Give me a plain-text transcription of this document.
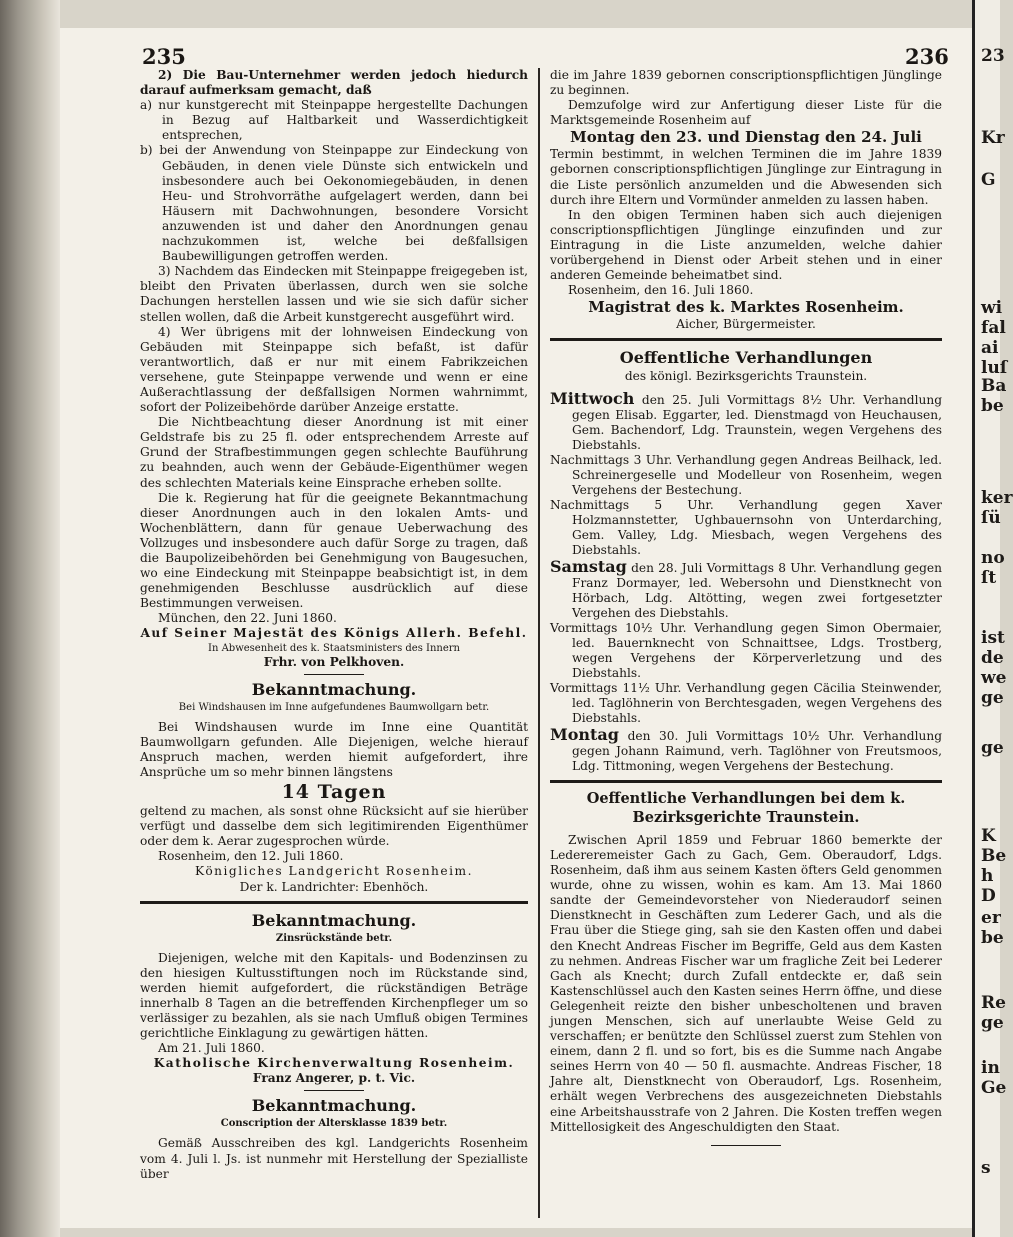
23
Kr
G
wi
fal
ai
luſ
Ba
be
ker
ſü
no
ſt
ist
de
we
ge
ge
K
Be
h
D
er
be
Re
ge
in
Ge
s
235	236

2) Die Bau-Unternehmer werden jedoch hiedurch darauf aufmerksam gemacht, daß

a) nur kunstgerecht mit Steinpappe hergestellte Dachungen in Bezug auf Haltbarkeit und Wasserdichtigkeit entsprechen,

b) bei der Anwendung von Steinpappe zur Eindeckung von Gebäuden, in denen viele Dünste sich entwickeln und insbesondere auch bei Oekonomiegebäuden, in denen Heu- und Strohvorräthe aufgelagert werden, dann bei Häusern mit Dachwohnungen, besondere Vorsicht anzuwenden ist und daher den Anordnungen genau nachzukommen ist, welche bei deßfallsigen Baubewilligungen getroffen werden.

3) Nachdem das Eindecken mit Steinpappe freigegeben ist, bleibt den Privaten überlassen, durch wen sie solche Dachungen herstellen lassen und wie sie sich dafür sicher stellen wollen, daß die Arbeit kunstgerecht ausgeführt wird.

4) Wer übrigens mit der lohnweisen Eindeckung von Gebäuden mit Steinpappe sich befaßt, ist dafür verantwortlich, daß er nur mit einem Fabrikzeichen versehene, gute Steinpappe verwende und wenn er eine Außerachtlassung der deßfallsigen Normen wahrnimmt, sofort der Polizeibehörde darüber Anzeige erstatte.

Die Nichtbeachtung dieser Anordnung ist mit einer Geldstrafe bis zu 25 fl. oder entsprechendem Arreste auf Grund der Strafbestimmungen gegen schlechte Bauführung zu beahnden, auch wenn der Gebäude-Eigenthümer wegen des schlechten Materials keine Einsprache erheben sollte.

Die k. Regierung hat für die geeignete Bekanntmachung dieser Anordnungen auch in den lokalen Amts- und Wochenblättern, dann für genaue Ueberwachung des Vollzuges und insbesondere auch dafür Sorge zu tragen, daß die Baupolizeibehörden bei Genehmigung von Baugesuchen, wo eine Eindeckung mit Steinpappe beabsichtigt ist, in dem genehmigenden Beschlusse ausdrücklich auf diese Bestimmungen verweisen.

München, den 22. Juni 1860.

Auf Seiner Majestät des Königs Allerh. Befehl.

In Abwesenheit des k. Staatsministers des Innern

Frhr. von Pelkhoven.

Bekanntmachung.

Bei Windshausen im Inne aufgefundenes Baumwollgarn betr.

Bei Windshausen wurde im Inne eine Quantität Baumwollgarn gefunden. Alle Diejenigen, welche hierauf Anspruch machen, werden hiemit aufgefordert, ihre Ansprüche um so mehr binnen längstens

14 Tagen

geltend zu machen, als sonst ohne Rücksicht auf sie hierüber verfügt und dasselbe dem sich legitimirenden Eigenthümer oder dem k. Aerar zugesprochen würde.

Rosenheim, den 12. Juli 1860.

Königliches Landgericht Rosenheim.

Der k. Landrichter: Ebenhöch.

Bekanntmachung.

Zinsrückstände betr.

Diejenigen, welche mit den Kapitals- und Bodenzinsen zu den hiesigen Kultusstiftungen noch im Rückstande sind, werden hiemit aufgefordert, die rückständigen Beträge innerhalb 8 Tagen an die betreffenden Kirchenpfleger um so verlässiger zu bezahlen, als sie nach Umfluß obigen Termines gerichtliche Einklagung zu gewärtigen hätten.

Am 21. Juli 1860.

Katholische Kirchenverwaltung Rosenheim.

Franz Angerer, p. t. Vic.

Bekanntmachung.

Conscription der Altersklasse 1839 betr.

Gemäß Ausschreiben des kgl. Landgerichts Rosenheim vom 4. Juli l. Js. ist nunmehr mit Herstellung der Spezialliste über

die im Jahre 1839 gebornen conscriptionspflichtigen Jünglinge zu beginnen.

Demzufolge wird zur Anfertigung dieser Liste für die Marktsgemeinde Rosenheim auf

Montag den 23. und Dienstag den 24. Juli

Termin bestimmt, in welchen Terminen die im Jahre 1839 gebornen conscriptionspflichtigen Jünglinge zur Eintragung in die Liste persönlich anzumelden und die Abwesenden sich durch ihre Eltern und Vormünder anmelden zu lassen haben.

In den obigen Terminen haben sich auch diejenigen conscriptionspflichtigen Jünglinge einzufinden und zur Eintragung in die Liste anzumelden, welche dahier vorübergehend in Dienst oder Arbeit stehen und in einer anderen Gemeinde beheimatbet sind.

Rosenheim, den 16. Juli 1860.

Magistrat des k. Marktes Rosenheim.

Aicher, Bürgermeister.

Oeffentliche Verhandlungen

des königl. Bezirksgerichts Traunstein.

Mittwoch den 25. Juli Vormittags 8½ Uhr. Verhandlung gegen Elisab. Eggarter, led. Dienstmagd von Heuchausen, Gem. Bachendorf, Ldg. Traunstein, wegen Vergehens des Diebstahls.

Nachmittags 3 Uhr. Verhandlung gegen Andreas Beilhack, led. Schreinergeselle und Modelleur von Rosenheim, wegen Vergehens der Bestechung.

Nachmittags 5 Uhr. Verhandlung gegen Xaver Holzmannstetter, Ughbauernsohn von Unterdarching, Gem. Valley, Ldg. Miesbach, wegen Vergehens des Diebstahls.

Samstag den 28. Juli Vormittags 8 Uhr. Verhandlung gegen Franz Dormayer, led. Webersohn und Dienstknecht von Hörbach, Ldg. Altötting, wegen zwei fortgesetzter Vergehen des Diebstahls.

Vormittags 10½ Uhr. Verhandlung gegen Simon Obermaier, led. Bauernknecht von Schnaittsee, Ldgs. Trostberg, wegen Vergehens der Körperverletzung und des Diebstahls.

Vormittags 11½ Uhr. Verhandlung gegen Cäcilia Steinwender, led. Taglöhnerin von Berchtesgaden, wegen Vergehens des Diebstahls.

Montag den 30. Juli Vormittags 10½ Uhr. Verhandlung gegen Johann Raimund, verh. Taglöhner von Freutsmoos, Ldg. Tittmoning, wegen Vergehens der Bestechung.

Oeffentliche Verhandlungen bei dem k. Bezirksgerichte Traunstein.

Zwischen April 1859 und Februar 1860 bemerkte der Ledereremeister Gach zu Gach, Gem. Oberaudorf, Ldgs. Rosenheim, daß ihm aus seinem Kasten öfters Geld genommen wurde, ohne zu wissen, wohin es kam. Am 13. Mai 1860 sandte der Gemeindevorsteher von Niederaudorf seinen Dienstknecht in Geschäften zum Lederer Gach, und als die Frau über die Stiege ging, sah sie den Kasten offen und dabei den Knecht Andreas Fischer im Begriffe, Geld aus dem Kasten zu nehmen. Andreas Fischer war um fragliche Zeit bei Lederer Gach als Knecht; durch Zufall entdeckte er, daß sein Kastenschlüssel auch den Kasten seines Herrn öffne, und diese Gelegenheit reizte den bisher unbescholtenen und braven jungen Menschen, sich auf unerlaubte Weise Geld zu verschaffen; er benützte den Schlüssel zuerst zum Stehlen von einem, dann 2 fl. und so fort, bis es die Summe nach Angabe seines Herrn von 40 — 50 fl. ausmachte. Andreas Fischer, 18 Jahre alt, Dienstknecht von Oberaudorf, Lgs. Rosenheim, erhält wegen Verbrechens des ausgezeichneten Diebstahls eine Arbeitshausstrafe von 2 Jahren. Die Kosten treffen wegen Mittellosigkeit des Angeschuldigten den Staat.
